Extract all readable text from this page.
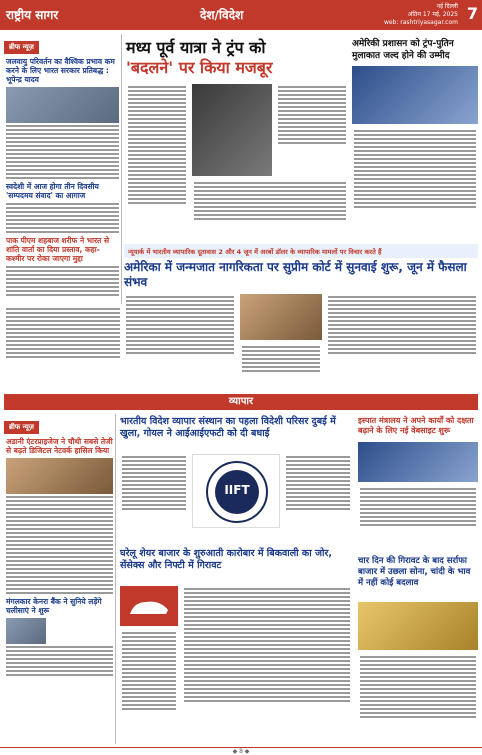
राष्ट्रीय सागर	देश/विदेश
नई दिल्ली
अंतिम 17 मई, 2025
web: rashtriyasagar.com 7
ब्रीफ न्यूज़
जलवायु परिवर्तन का वैश्विक प्रभाव कम करने के लिए भारत सरकार प्रतिबद्ध : भूपेन्द्र यादव
स्वदेशी में आज होगा तीन दिवसीय 'सम्पदमय संवाद' का आगाज
पाक पीएम शहबाज शरीफ ने भारत से शांति वार्ता का दिया प्रस्ताव, कहा- कश्मीर पर रोका जाएगा मुद्दा
मध्य पूर्व यात्रा ने ट्रंप को
'बदलने' पर किया मजबूर
अमेरिकी प्रशासन को ट्रंप-पुतिन मुलाकात जल्द होने की उम्मीद
न्यूयार्क में भारतीय व्यापारिक दूतावास 2 और 4 जून में अरबों डॉलर के व्यापारिक मामलों पर विचार करते हैं
अमेरिका में जन्मजात नागरिकता पर सुप्रीम कोर्ट में सुनवाई शुरू, जून में फैसला संभव
व्यापार
ब्रीफ न्यूज़
अडानी एंटरप्राइजेज ने चौथी सबसे तेजी से बढ़ते डिजिटल नेटवर्क हासिल किया
मंगलकार केनरा बैंक ने सुनिये लड़ेंगे चलीसाएं ने शुरू
भारतीय विदेश व्यापार संस्थान का पहला विदेशी परिसर दुबई में खुला, गोयल ने आईआईएफटी को दी बधाई
IIFT
इस्पात मंत्रालय ने अपने कार्यों को दक्षता बढ़ाने के लिए नई वेबसाइट शुरू
घरेलू शेयर बाजार के शुरुआती कारोबार में बिकवाली का जोर, सेंसेक्स और निफ्टी में गिरावट	चार दिन की गिरावट के बाद सर्राफा बाजार में उछला सोना, चांदी के भाव में नहीं कोई बदलाव
◆ 8 ◆
